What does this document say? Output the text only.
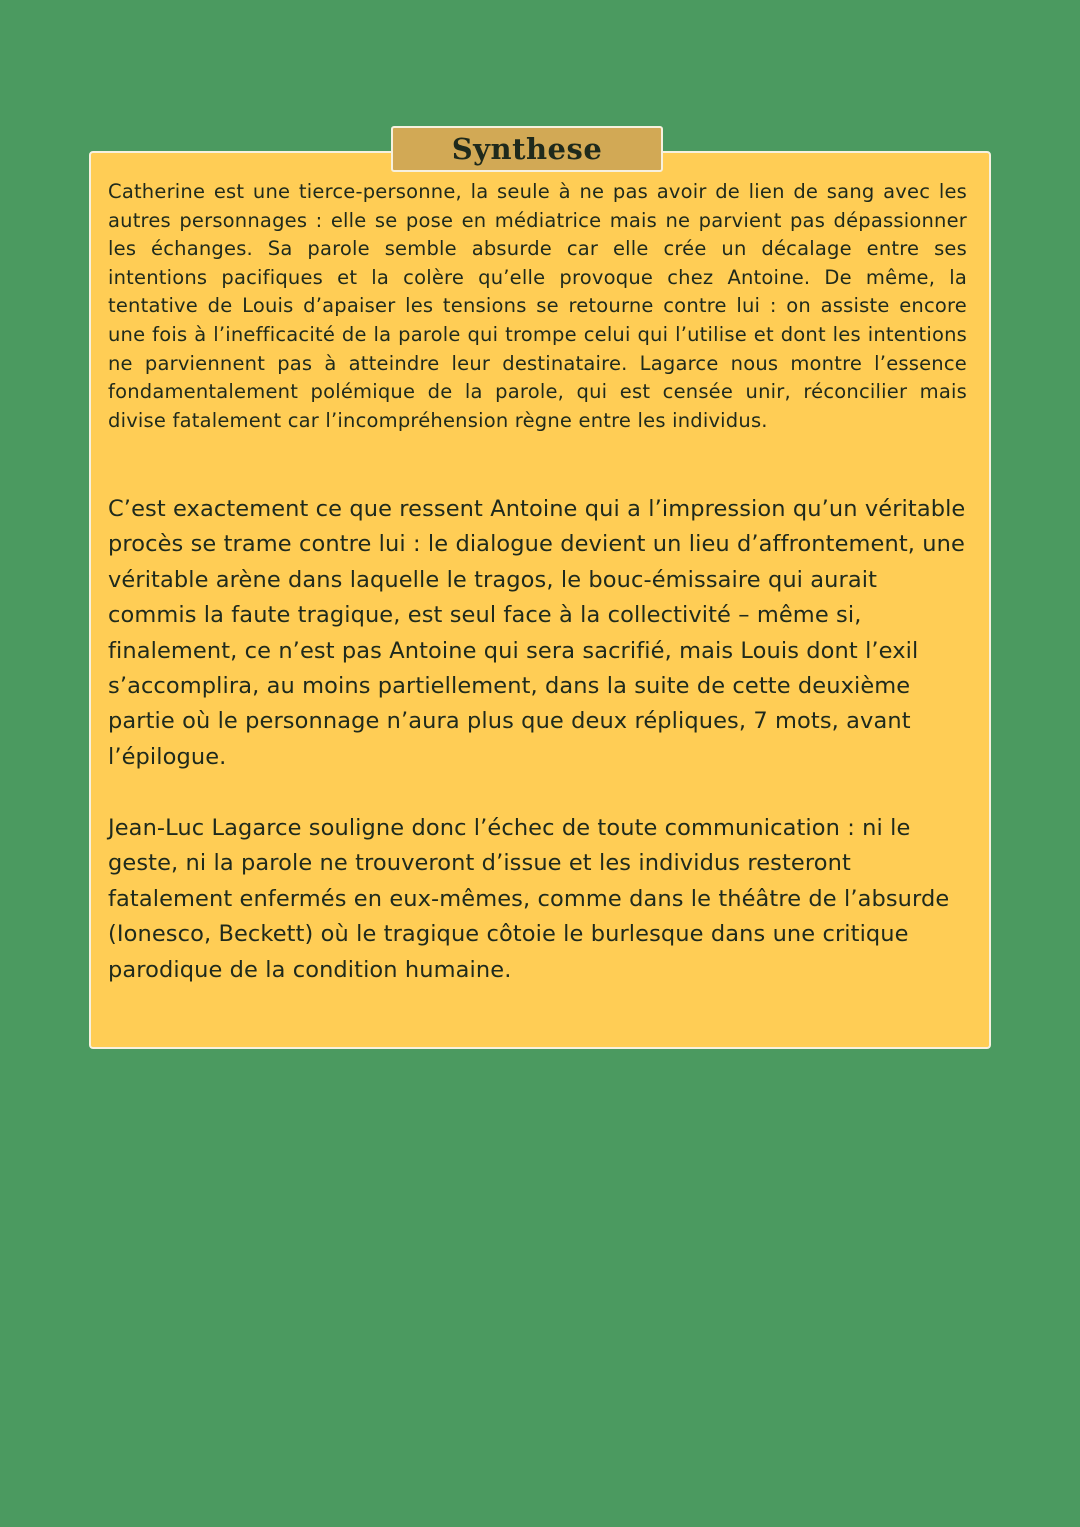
Synthese

Catherine est une tierce-personne, la seule à ne pas avoir de lien de sang avec les autres personnages : elle se pose en médiatrice mais ne parvient pas dépassionner les échanges. Sa parole semble absurde car elle crée un décalage entre ses intentions pacifiques et la colère qu’elle provoque chez Antoine. De même, la tentative de Louis d’apaiser les tensions se retourne contre lui : on assiste encore une fois à l’inefficacité de la parole qui trompe celui qui l’utilise et dont les intentions ne parviennent pas à atteindre leur destinataire. Lagarce nous montre l’essence fondamentalement polémique de la parole, qui est censée unir, réconcilier mais divise fatalement car l’incompréhension règne entre les individus.

C’est exactement ce que ressent Antoine qui a l’impression qu’un véritable procès se trame contre lui : le dialogue devient un lieu d’affrontement, une véritable arène dans laquelle le tragos, le bouc-émissaire qui aurait commis la faute tragique, est seul face à la collectivité – même si, finalement, ce n’est pas Antoine qui sera sacrifié, mais Louis dont l’exil s’accomplira, au moins partiellement, dans la suite de cette deuxième partie où le personnage n’aura plus que deux répliques, 7 mots, avant l’épilogue.

Jean-Luc Lagarce souligne donc l’échec de toute communication : ni le geste, ni la parole ne trouveront d’issue et les individus resteront fatalement enfermés en eux-mêmes, comme dans le théâtre de l’absurde (Ionesco, Beckett) où le tragique côtoie le burlesque dans une critique parodique de la condition humaine.
